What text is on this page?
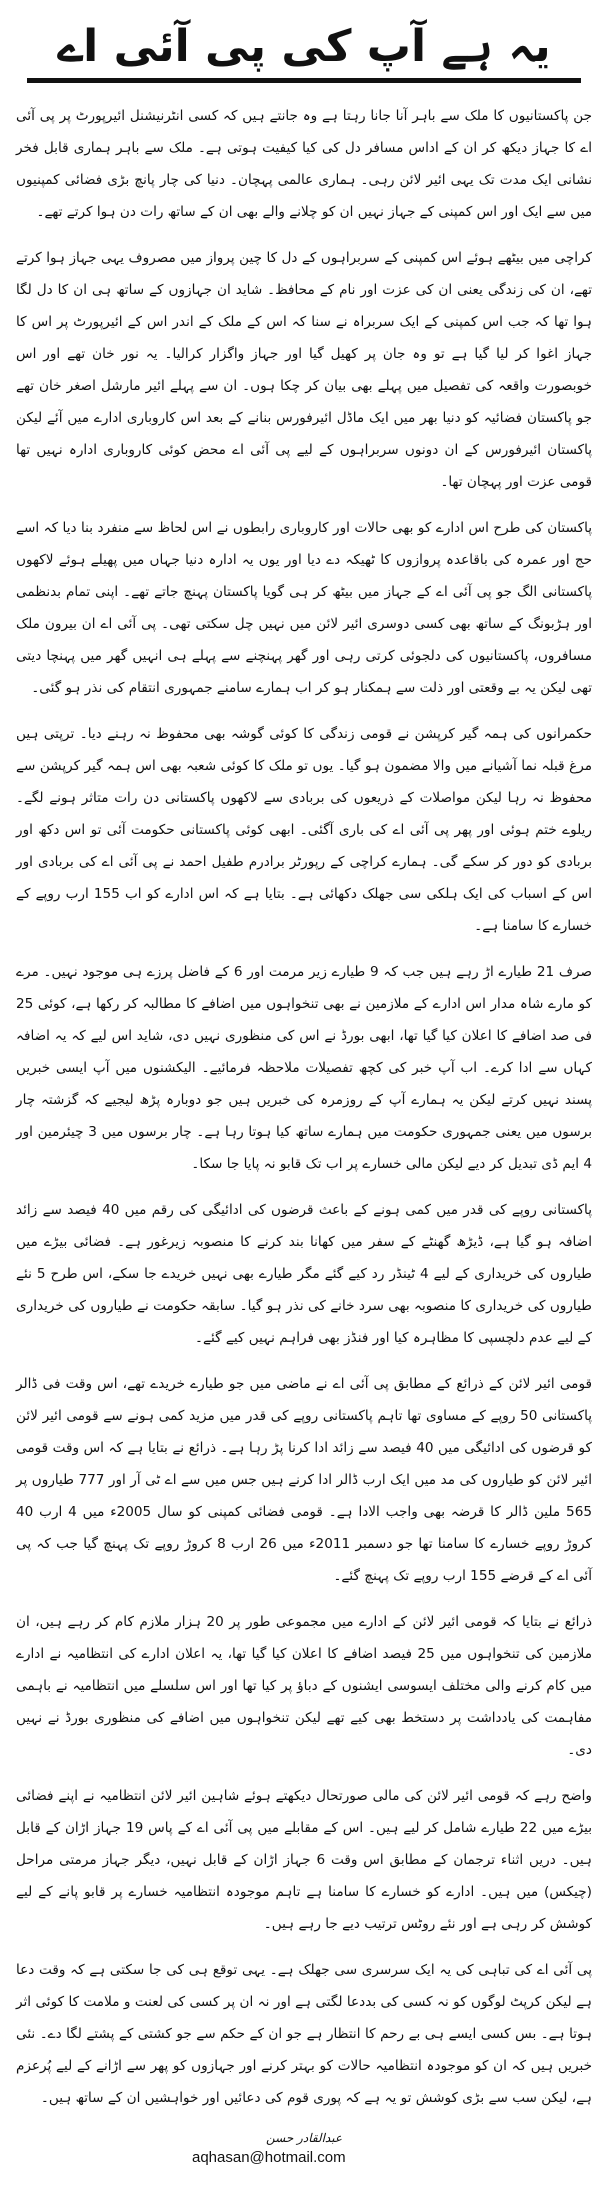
یہ ہے آپ کی پی آئی اے

جن پاکستانیوں کا ملک سے باہر آنا جانا رہتا ہے وہ جانتے ہیں کہ کسی انٹرنیشنل ائیرپورٹ پر پی آئی اے کا جہاز دیکھ کر ان کے اداس مسافر دل کی کیا کیفیت ہوتی ہے۔ ملک سے باہر ہماری قابل فخر نشانی ایک مدت تک یہی ائیر لائن رہی۔ ہماری عالمی پہچان۔ دنیا کی چار پانچ بڑی فضائی کمپنیوں میں سے ایک اور اس کمپنی کے جہاز نہیں ان کو چلانے والے بھی ان کے ساتھ رات دن ہوا کرتے تھے۔

کراچی میں بیٹھے ہوئے اس کمپنی کے سربراہوں کے دل کا چین پرواز میں مصروف یہی جہاز ہوا کرتے تھے، ان کی زندگی یعنی ان کی عزت اور نام کے محافظ۔ شاید ان جہازوں کے ساتھ ہی ان کا دل لگا ہوا تھا کہ جب اس کمپنی کے ایک سربراہ نے سنا کہ اس کے ملک کے اندر اس کے ائیرپورٹ پر اس کا جہاز اغوا کر لیا گیا ہے تو وہ جان پر کھیل گیا اور جہاز واگزار کرالیا۔ یہ نور خان تھے اور اس خوبصورت واقعہ کی تفصیل میں پہلے بھی بیان کر چکا ہوں۔ ان سے پہلے ائیر مارشل اصغر خان تھے جو پاکستان فضائیہ کو دنیا بھر میں ایک ماڈل ائیرفورس بنانے کے بعد اس کاروباری ادارے میں آئے لیکن پاکستان ائیرفورس کے ان دونوں سربراہوں کے لیے پی آئی اے محض کوئی کاروباری ادارہ نہیں تھا قومی عزت اور پہچان تھا۔

پاکستان کی طرح اس ادارے کو بھی حالات اور کاروباری رابطوں نے اس لحاظ سے منفرد بنا دیا کہ اسے حج اور عمرہ کی باقاعدہ پروازوں کا ٹھیکہ دے دیا اور یوں یہ ادارہ دنیا جہاں میں پھیلے ہوئے لاکھوں پاکستانی الگ جو پی آئی اے کے جہاز میں بیٹھ کر ہی گویا پاکستان پہنچ جاتے تھے۔ اپنی تمام بدنظمی اور ہڑبونگ کے ساتھ بھی کسی دوسری ائیر لائن میں نہیں چل سکتی تھی۔ پی آئی اے ان بیرون ملک مسافروں، پاکستانیوں کی دلجوئی کرتی رہی اور گھر پہنچنے سے پہلے ہی انہیں گھر میں پہنچا دیتی تھی لیکن یہ بے وقعتی اور ذلت سے ہمکنار ہو کر اب ہمارے سامنے جمہوری انتقام کی نذر ہو گئی۔

حکمرانوں کی ہمہ گیر کرپشن نے قومی زندگی کا کوئی گوشہ بھی محفوظ نہ رہنے دیا۔ ترپتی ہیں مرغ قبلہ نما آشیانے میں والا مضمون ہو گیا۔ یوں تو ملک کا کوئی شعبہ بھی اس ہمہ گیر کرپشن سے محفوظ نہ رہا لیکن مواصلات کے ذریعوں کی بربادی سے لاکھوں پاکستانی دن رات متاثر ہونے لگے۔ ریلوے ختم ہوئی اور پھر پی آئی اے کی باری آگئی۔ ابھی کوئی پاکستانی حکومت آئی تو اس دکھ اور بربادی کو دور کر سکے گی۔ ہمارے کراچی کے رپورٹر برادرم طفیل احمد نے پی آئی اے کی بربادی اور اس کے اسباب کی ایک ہلکی سی جھلک دکھائی ہے۔ بتایا ہے کہ اس ادارے کو اب 155 ارب روپے کے خسارے کا سامنا ہے۔

صرف 21 طیارے اڑ رہے ہیں جب کہ 9 طیارے زیر مرمت اور 6 کے فاضل پرزے ہی موجود نہیں۔ مرے کو مارے شاہ مدار اس ادارے کے ملازمین نے بھی تنخواہوں میں اضافے کا مطالبہ کر رکھا ہے، کوئی 25 فی صد اضافے کا اعلان کیا گیا تھا، ابھی بورڈ نے اس کی منظوری نہیں دی، شاید اس لیے کہ یہ اضافہ کہاں سے ادا کرے۔ اب آپ خبر کی کچھ تفصیلات ملاحظہ فرمائیے۔ الیکشنوں میں آپ ایسی خبریں پسند نہیں کرتے لیکن یہ ہمارے آپ کے روزمرہ کی خبریں ہیں جو دوبارہ پڑھ لیجیے کہ گزشتہ چار برسوں میں یعنی جمہوری حکومت میں ہمارے ساتھ کیا ہوتا رہا ہے۔ چار برسوں میں 3 چیئرمین اور 4 ایم ڈی تبدیل کر دیے لیکن مالی خسارے پر اب تک قابو نہ پایا جا سکا۔

پاکستانی روپے کی قدر میں کمی ہونے کے باعث قرضوں کی ادائیگی کی رقم میں 40 فیصد سے زائد اضافہ ہو گیا ہے، ڈیڑھ گھنٹے کے سفر میں کھانا بند کرنے کا منصوبہ زیرغور ہے۔ فضائی بیڑے میں طیاروں کی خریداری کے لیے 4 ٹینڈر رد کیے گئے مگر طیارے بھی نہیں خریدے جا سکے، اس طرح 5 نئے طیاروں کی خریداری کا منصوبہ بھی سرد خانے کی نذر ہو گیا۔ سابقہ حکومت نے طیاروں کی خریداری کے لیے عدم دلچسپی کا مظاہرہ کیا اور فنڈز بھی فراہم نہیں کیے گئے۔

قومی ائیر لائن کے ذرائع کے مطابق پی آئی اے نے ماضی میں جو طیارے خریدے تھے، اس وقت فی ڈالر پاکستانی 50 روپے کے مساوی تھا تاہم پاکستانی روپے کی قدر میں مزید کمی ہونے سے قومی ائیر لائن کو قرضوں کی ادائیگی میں 40 فیصد سے زائد ادا کرنا پڑ رہا ہے۔ ذرائع نے بتایا ہے کہ اس وقت قومی ائیر لائن کو طیاروں کی مد میں ایک ارب ڈالر ادا کرنے ہیں جس میں سے اے ٹی آر اور 777 طیاروں پر 565 ملین ڈالر کا قرضہ بھی واجب الادا ہے۔ قومی فضائی کمپنی کو سال 2005ء میں 4 ارب 40 کروڑ روپے خسارے کا سامنا تھا جو دسمبر 2011ء میں 26 ارب 8 کروڑ روپے تک پہنچ گیا جب کہ پی آئی اے کے قرضے 155 ارب روپے تک پہنچ گئے۔

ذرائع نے بتایا کہ قومی ائیر لائن کے ادارے میں مجموعی طور پر 20 ہزار ملازم کام کر رہے ہیں، ان ملازمین کی تنخواہوں میں 25 فیصد اضافے کا اعلان کیا گیا تھا، یہ اعلان ادارے کی انتظامیہ نے ادارے میں کام کرنے والی مختلف ایسوسی ایشنوں کے دباؤ پر کیا تھا اور اس سلسلے میں انتظامیہ نے باہمی مفاہمت کی یادداشت پر دستخط بھی کیے تھے لیکن تنخواہوں میں اضافے کی منظوری بورڈ نے نہیں دی۔

واضح رہے کہ قومی ائیر لائن کی مالی صورتحال دیکھتے ہوئے شاہین ائیر لائن انتظامیہ نے اپنے فضائی بیڑے میں 22 طیارے شامل کر لیے ہیں۔ اس کے مقابلے میں پی آئی اے کے پاس 19 جہاز اڑان کے قابل ہیں۔ دریں اثناء ترجمان کے مطابق اس وقت 6 جہاز اڑان کے قابل نہیں، دیگر جہاز مرمتی مراحل (چیکس) میں ہیں۔ ادارے کو خسارے کا سامنا ہے تاہم موجودہ انتظامیہ خسارے پر قابو پانے کے لیے کوشش کر رہی ہے اور نئے روٹس ترتیب دیے جا رہے ہیں۔

پی آئی اے کی تباہی کی یہ ایک سرسری سی جھلک ہے۔ یہی توقع ہی کی جا سکتی ہے کہ وقت دعا ہے لیکن کرپٹ لوگوں کو نہ کسی کی بددعا لگتی ہے اور نہ ان پر کسی کی لعنت و ملامت کا کوئی اثر ہوتا ہے۔ بس کسی ایسے ہی بے رحم کا انتظار ہے جو ان کے حکم سے جو کشتی کے پشتے لگا دے۔ نئی خبریں ہیں کہ ان کو موجودہ انتظامیہ حالات کو بہتر کرنے اور جہازوں کو پھر سے اڑانے کے لیے پُرعزم ہے، لیکن سب سے بڑی کوشش تو یہ ہے کہ پوری قوم کی دعائیں اور خواہشیں ان کے ساتھ ہیں۔

عبدالقادر حسن
aqhasan@hotmail.com
